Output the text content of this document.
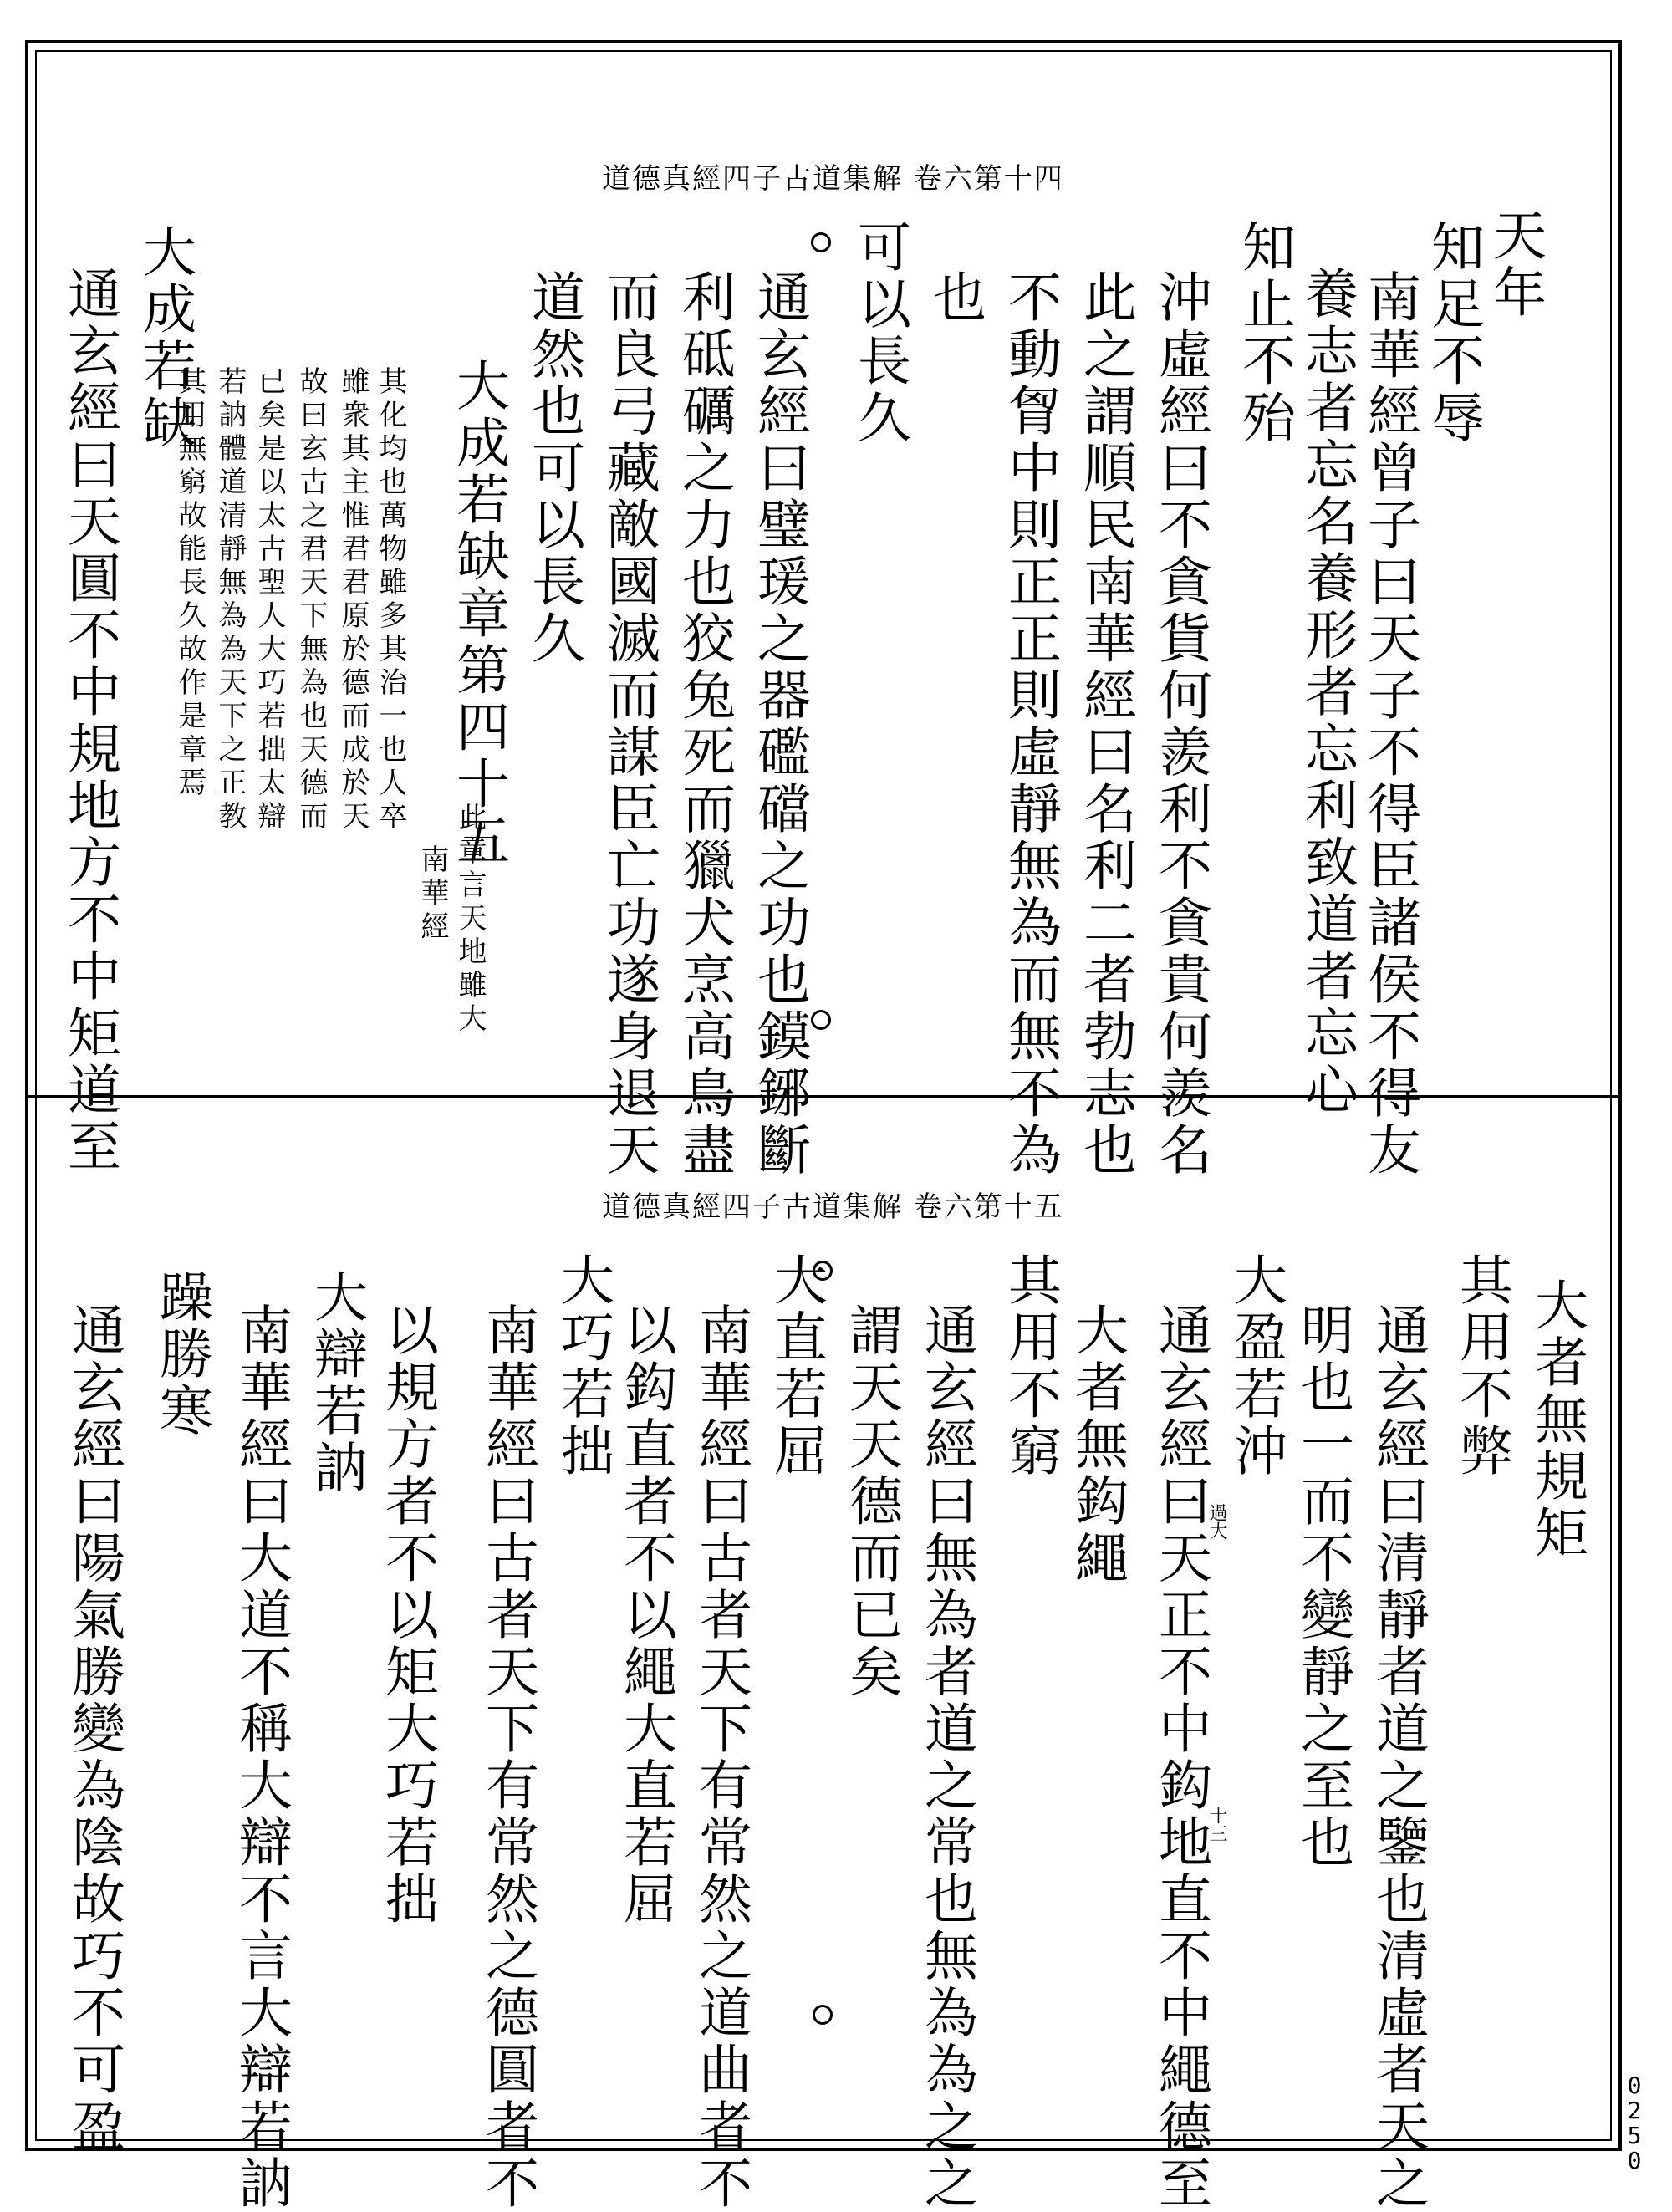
道德真經四子古道集解 卷六第十四
天年
知足不辱
南華經曾子曰天子不得臣諸侯不得友
養志者忘名養形者忘利致道者忘心
知止不殆
沖虛經曰不貪貨何羨利不貪貴何羨名
此之謂順民南華經曰名利二者勃志也
不動胷中則正正則虛靜無為而無不為
也
可以長久
通玄經曰璧瑗之器礛礑之功也鏌鋣斷
利砥礪之力也狡兔死而獵犬烹高鳥盡
而良弓藏敵國滅而謀臣亡功遂身退天
道然也可以長久
大成若缺章第四十五
大成若缺
通玄經曰天圓不中規地方不中矩道至	此章言天地雖大
南華經
其化均也萬物雖多其治一也人卒
雖衆其主惟君君原於德而成於天
故曰玄古之君天下無為也天德而
已矣是以太古聖人大巧若拙太辯
若訥體道清靜無為為天下之正教
其用無窮故能長久故作是章焉
道德真經四子古道集解 卷六第十五
大者無規矩
其用不弊
通玄經曰清靜者道之鑒也清虛者天之
明也一而不變靜之至也
大盈若沖
通玄經曰天正不中鈎地直不中繩德至
大者無鈎繩
其用不窮
通玄經曰無為者道之常也無為為之之
謂天天德而已矣
大直若屈
南華經曰古者天下有常然之道曲者不
以鈎直者不以繩大直若屈
大巧若拙
南華經曰古者天下有常然之德圓者不
以規方者不以矩大巧若拙
大辯若訥
南華經曰大道不稱大辯不言大辯若訥
躁勝寒
通玄經曰陽氣勝變為陰故巧不可盈	過大
十三
0250
